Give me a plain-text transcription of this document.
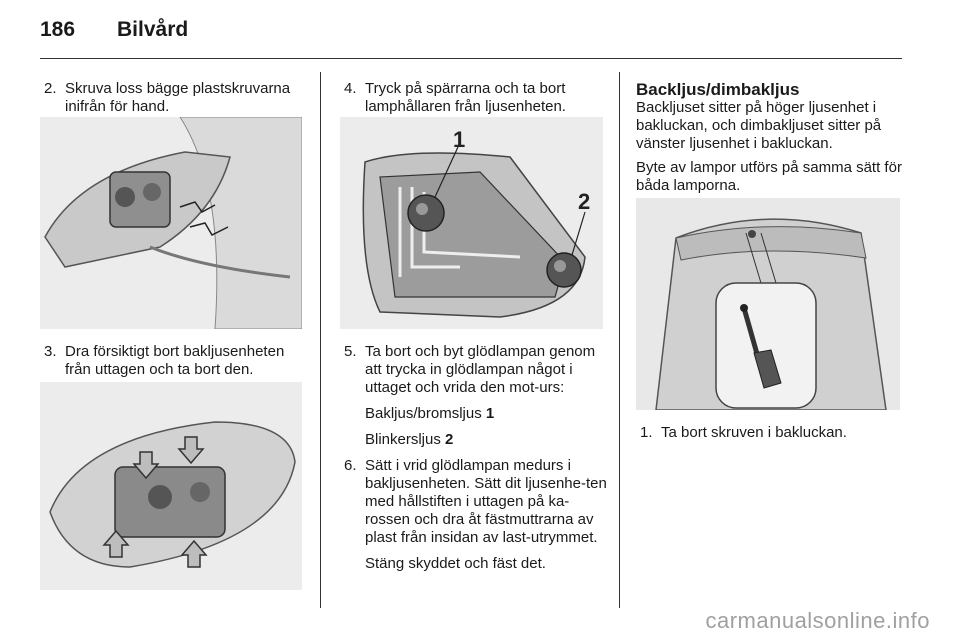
186 Bilvård
2. Skruva loss bägge plastskruvarna inifrån för hand.
3. Dra försiktigt bort bakljusenheten från uttagen och ta bort den.
4. Tryck på spärrarna och ta bort lamphållaren från ljusenheten.
1
2
5. Ta bort och byt glödlampan genom att trycka in glödlampan något i uttaget och vrida den mot-urs:
Bakljus/bromsljus 1
Blinkersljus 2
6. Sätt i vrid glödlampan medurs i bakljusenheten. Sätt dit ljusenhe-ten med hållstiften i uttagen på ka-rossen och dra åt fästmuttrarna av plast från insidan av last-utrymmet.
Stäng skyddet och fäst det.
Backljus/dimbakljus
Backljuset sitter på höger ljusenhet i bakluckan, och dimbakljuset sitter på vänster ljusenhet i bakluckan.
Byte av lampor utförs på samma sätt för båda lamporna.
1. Ta bort skruven i bakluckan.
carmanualsonline.info
